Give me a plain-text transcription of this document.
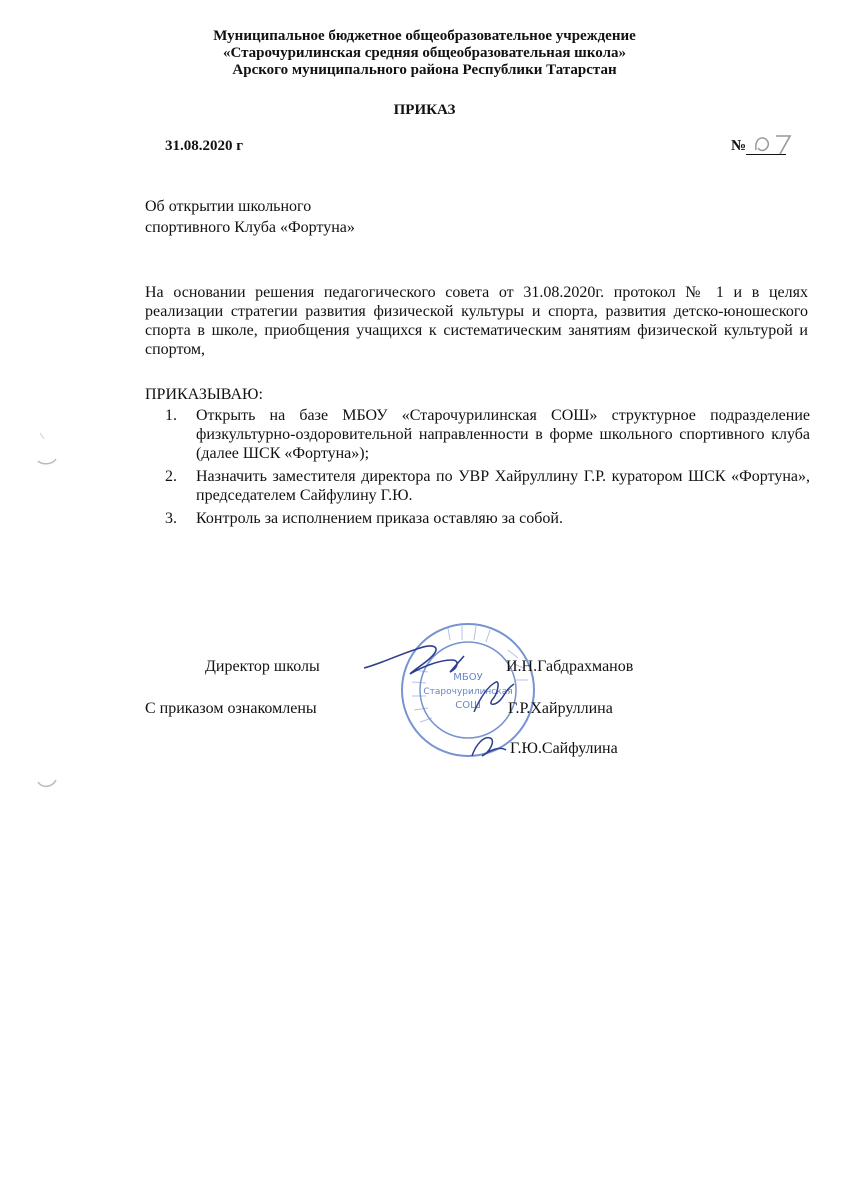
Муниципальное бюджетное общеобразовательное учреждение
«Старочурилинская средняя общеобразовательная школа»
Арского муниципального района Республики Татарстан
ПРИКАЗ
31.08.2020 г	№
Об открытии школьного
спортивного Клуба «Фортуна»
На основании решения педагогического совета от 31.08.2020г. протокол № 1 и в целях реализации стратегии развития физической культуры и спорта, развития детско-юношеского спорта в школе, приобщения учащихся к систематическим занятиям физической культурой и спортом,
ПРИКАЗЫВАЮ:
1. Открыть на базе МБОУ «Старочурилинская СОШ» структурное подразделение физкультурно-оздоровительной направленности в форме школьного спортивного клуба (далее ШСК «Фортуна»);
2. Назначить заместителя директора по УВР Хайруллину Г.Р. куратором ШСК «Фортуна», председателем Сайфулину Г.Ю.
3. Контроль за исполнением приказа оставляю за собой.
МБОУ
Старочурилинская
СОШ
Директор школы	И.Н.Габдрахманов
С приказом ознакомлены	Г.Р.Хайруллина
Г.Ю.Сайфулина
